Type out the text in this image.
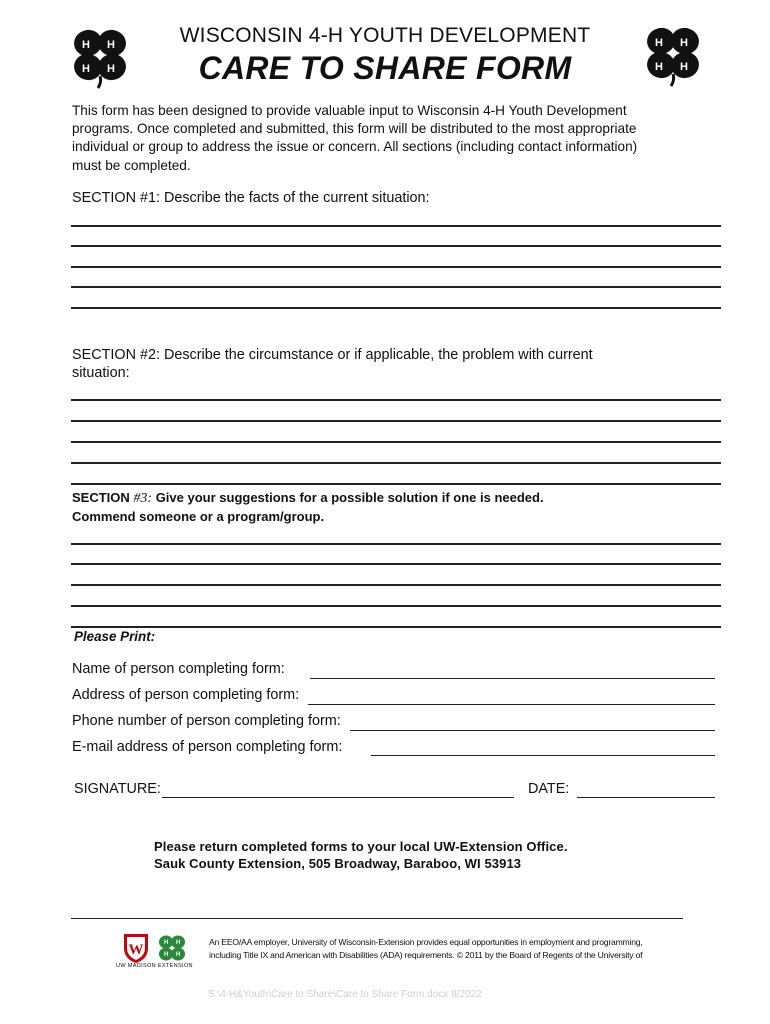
H H
H H
H H
H H
WISCONSIN 4-H YOUTH DEVELOPMENT
CARE TO SHARE FORM
This form has been designed to provide valuable input to Wisconsin 4-H Youth Development
programs. Once completed and submitted, this form will be distributed to the most appropriate
individual or group to address the issue or concern. All sections (including contact information)
must be completed.
SECTION #1: Describe the facts of the current situation:
SECTION #2: Describe the circumstance or if applicable, the problem with current
situation:
SECTION #3: Give your suggestions for a possible solution if one is needed.
Commend someone or a program/group.
Please Print:
Name of person completing form:
Address of person completing form:
Phone number of person completing form:
E-mail address of person completing form:
SIGNATURE:	DATE:
Please return completed forms to your local UW-Extension Office.
Sauk County Extension, 505 Broadway, Baraboo, WI 53913
W	H H
H H
UW MADISON EXTENSION
An EEO/AA employer, University of Wisconsin-Extension provides equal opportunities in employment and programming,
including Title IX and American with Disabilities (ADA) requirements. © 2011 by the Board of Regents of the University of
S:\4-H&Youth\Care to Share\Care to Share Form.docx 8/2022
